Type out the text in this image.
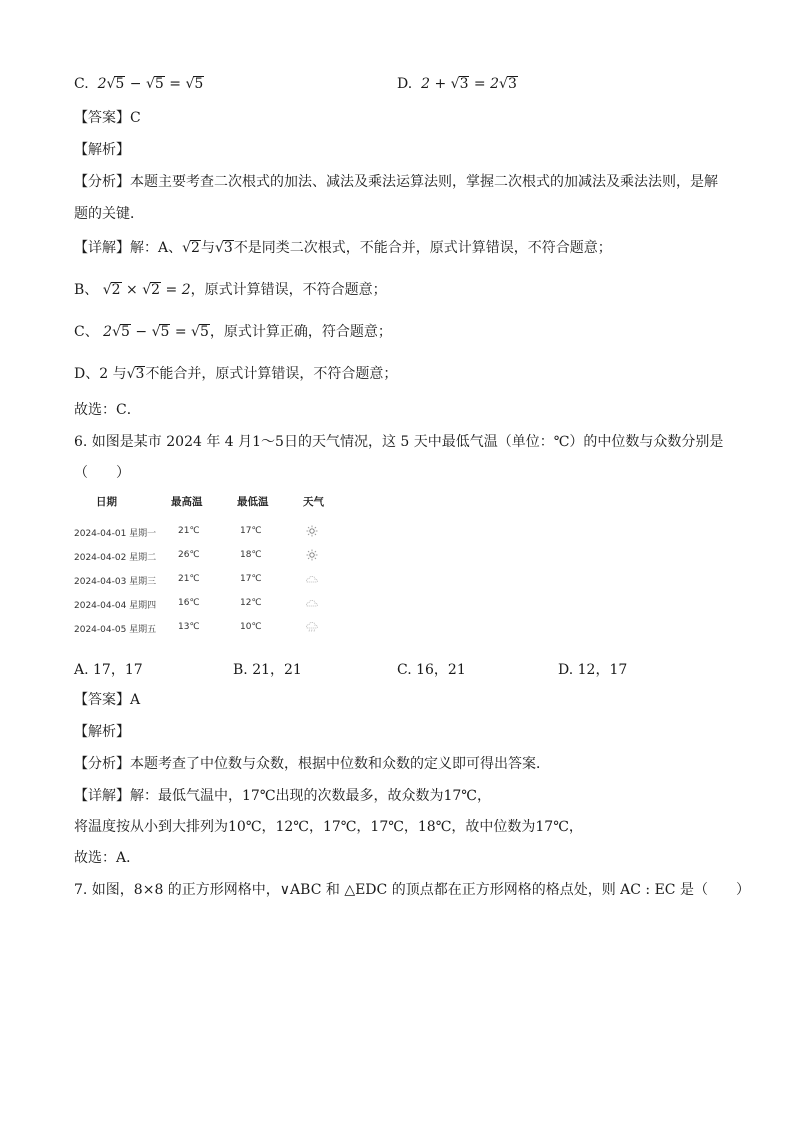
C.  2√5 − √5 = √5	D.  2 + √3 = 2√3
【答案】C
【解析】
【分析】本题主要考查二次根式的加法、减法及乘法运算法则，掌握二次根式的加减法及乘法法则，是解
题的关键．
【详解】解：A、√2与√3不是同类二次根式，不能合并，原式计算错误，不符合题意；
B、 √2 × √2 = 2，原式计算错误，不符合题意；
C、 2√5 − √5 = √5，原式计算正确，符合题意；
D、2 与√3不能合并，原式计算错误，不符合题意；
故选：C．
6. 如图是某市 2024 年 4 月1～5日的天气情况，这 5 天中最低气温（单位：℃）的中位数与众数分别是
（　　）
日期	最高温	最低温	天气
2024-04-01 星期一 21℃	17℃
2024-04-02 星期二 26℃	18℃
2024-04-03 星期三 21℃	17℃
2024-04-04 星期四 16℃	12℃
2024-04-05 星期五 13℃	10℃
A. 17，17	B. 21，21	C. 16，21	D. 12，17
【答案】A
【解析】
【分析】本题考查了中位数与众数，根据中位数和众数的定义即可得出答案．
【详解】解：最低气温中，17℃出现的次数最多，故众数为17℃，
将温度按从小到大排列为10℃，12℃，17℃，17℃，18℃，故中位数为17℃，
故选：A．
7. 如图，8×8 的正方形网格中，∨ABC 和 △EDC 的顶点都在正方形网格的格点处，则 AC : EC 是（　　）
